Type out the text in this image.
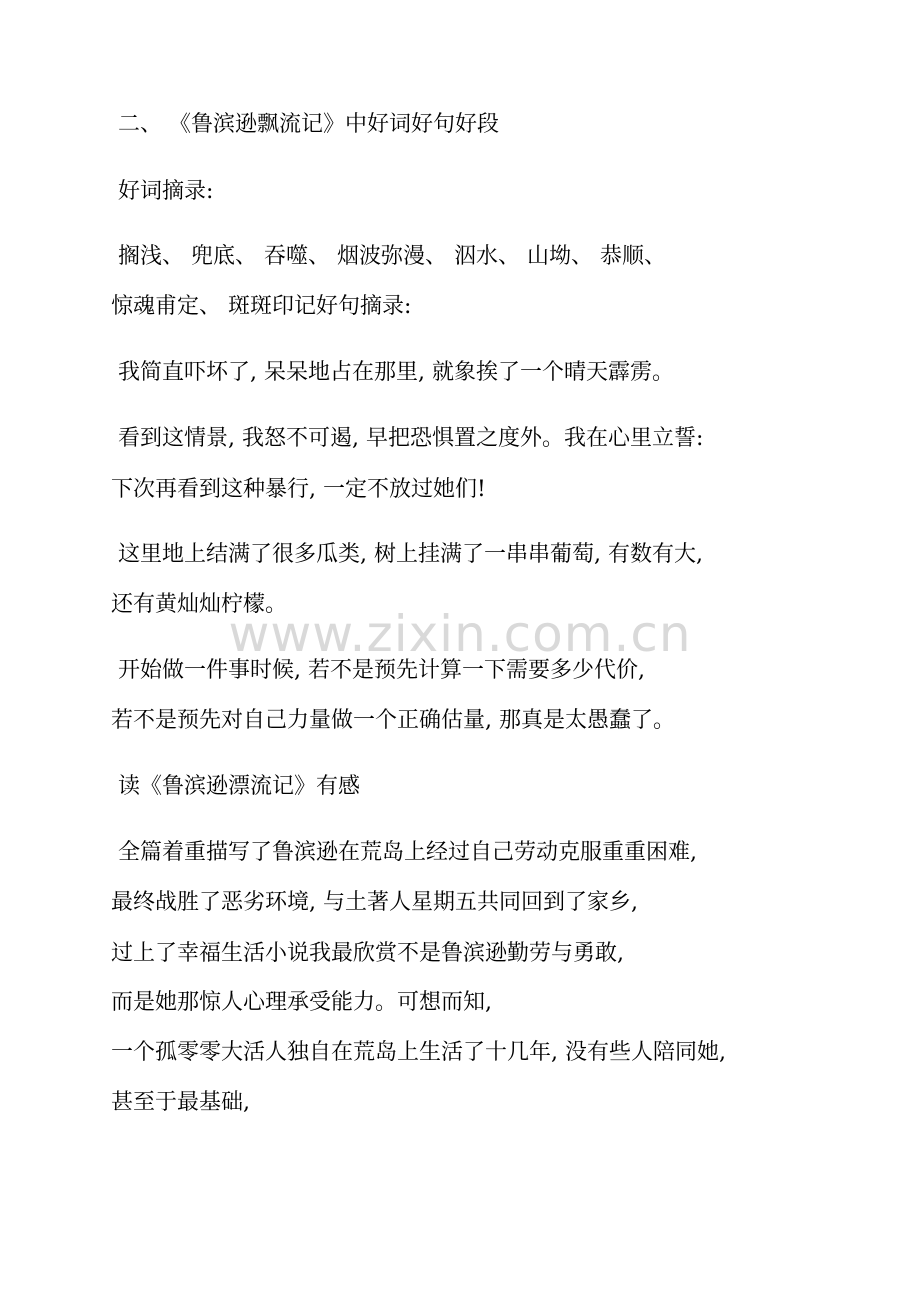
二、 《鲁滨逊飘流记》中好词好句好段

好词摘录:

搁浅、 兜底、 吞噬、 烟波弥漫、 泅水、 山坳、 恭顺、

惊魂甫定、 斑斑印记好句摘录:

我简直吓坏了, 呆呆地占在那里, 就象挨了一个晴天霹雳。

看到这情景, 我怒不可遏, 早把恐惧置之度外。我在心里立誓:

下次再看到这种暴行, 一定不放过她们!

这里地上结满了很多瓜类, 树上挂满了一串串葡萄, 有数有大,

还有黄灿灿柠檬。

www.zixin.com.cn

开始做一件事时候, 若不是预先计算一下需要多少代价,

若不是预先对自己力量做一个正确估量, 那真是太愚蠢了。

读《鲁滨逊漂流记》有感

全篇着重描写了鲁滨逊在荒岛上经过自己劳动克服重重困难,

最终战胜了恶劣环境, 与土著人星期五共同回到了家乡,

过上了幸福生活小说我最欣赏不是鲁滨逊勤劳与勇敢,

而是她那惊人心理承受能力。可想而知,

一个孤零零大活人独自在荒岛上生活了十几年, 没有些人陪同她,

甚至于最基础,
